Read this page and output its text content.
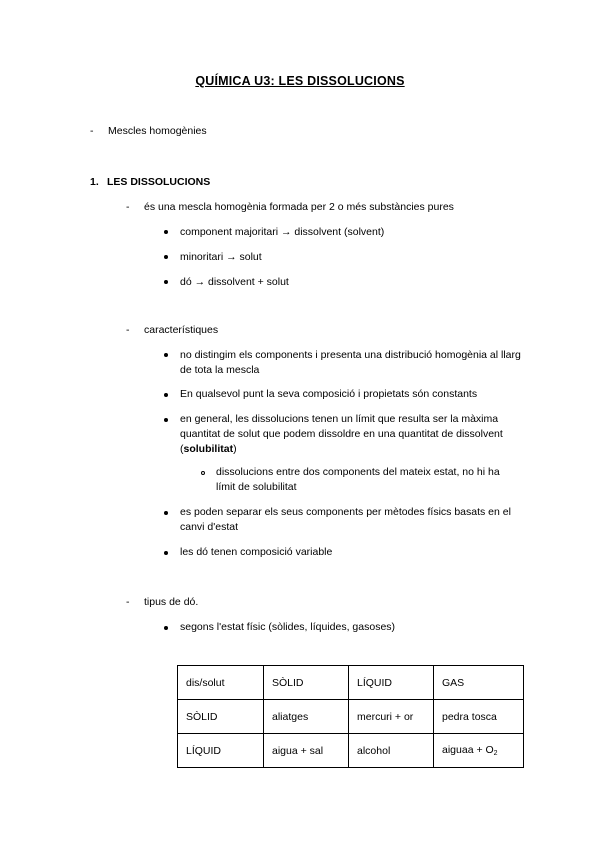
QUÍMICA U3: LES DISSOLUCIONS
-	Mescles homogènies
1. LES DISSOLUCIONS
-	és una mescla homogènia formada per 2 o més substàncies pures
component majoritari → dissolvent (solvent)
minoritari → solut
dó → dissolvent + solut
-	característiques
no distingim els components i presenta una distribució homogènia al llarg de tota la mescla
En qualsevol punt la seva composició i propietats són constants
en general, les dissolucions tenen un límit que resulta ser la màxima quantitat de solut que podem dissoldre en una quantitat de dissolvent (solubilitat)
dissolucions entre dos components del mateix estat, no hi ha límit de solubilitat
es poden separar els seus components per mètodes físics basats en el canvi d'estat
les dó tenen composició variable
-	tipus de dó.
segons l'estat físic (sòlides, líquides, gasoses)
dis/solut	SÒLID	LÍQUID	GAS
SÒLID	aliatges	mercuri + or	pedra tosca
LÍQUID	aigua + sal	alcohol	aiguaa + $O_2$
